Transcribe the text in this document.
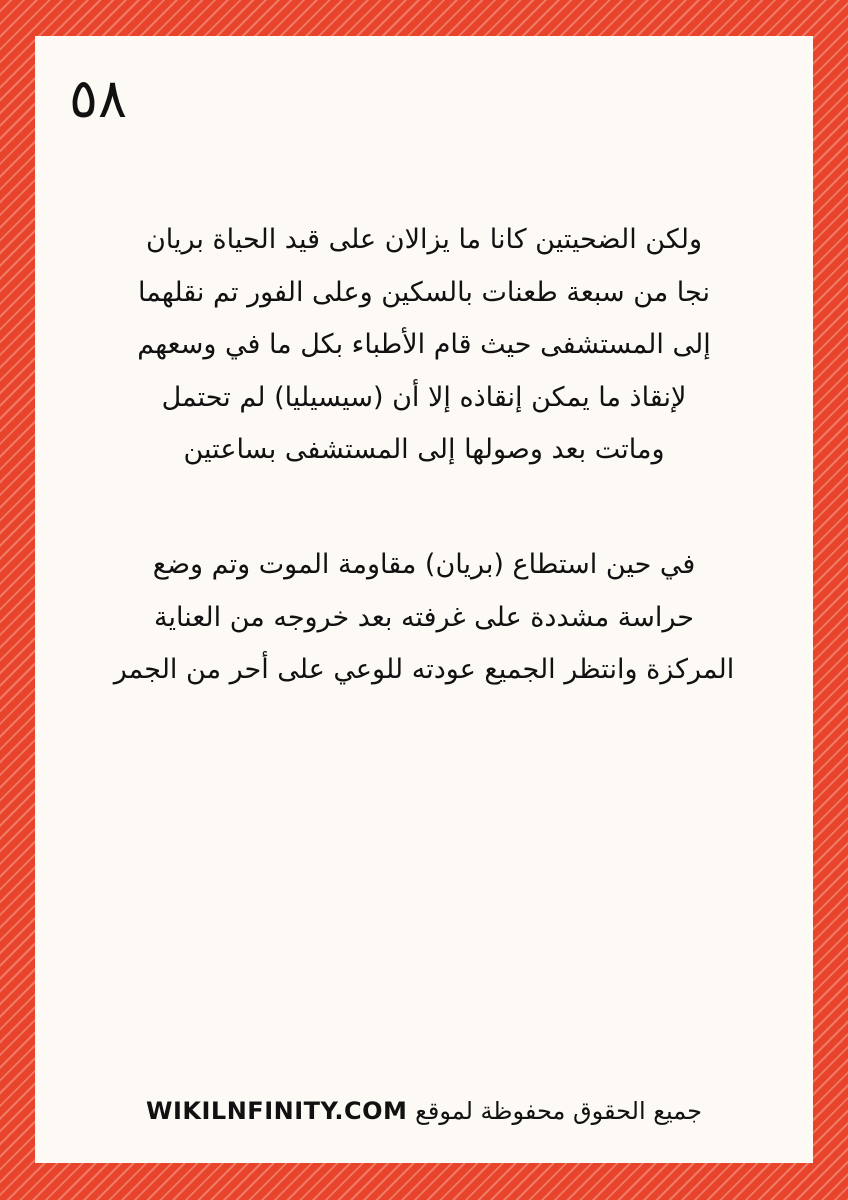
٥٨
ولكن الضحيتين كانا ما يزالان على قيد الحياة بريان
نجا من سبعة طعنات بالسكين وعلى الفور تم نقلهما
إلى المستشفى حيث قام الأطباء بكل ما في وسعهم
لإنقاذ ما يمكن إنقاذه إلا أن (سيسيليا) لم تحتمل
وماتت بعد وصولها إلى المستشفى بساعتين
في حين استطاع (بريان) مقاومة الموت وتم وضع
حراسة مشددة على غرفته بعد خروجه من العناية
المركزة وانتظر الجميع عودته للوعي على أحر من الجمر
جميع الحقوق محفوظة لموقع WIKILNFINITY.COM
